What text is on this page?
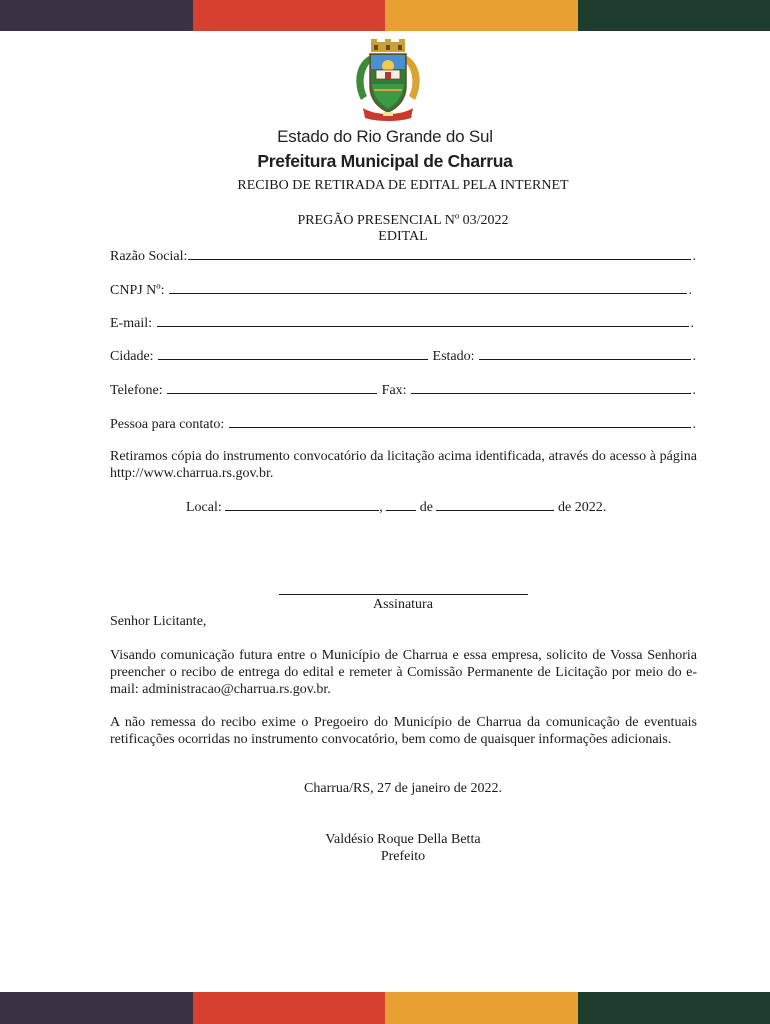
Estado do Rio Grande do Sul
Prefeitura Municipal de Charrua
RECIBO DE RETIRADA DE EDITAL PELA INTERNET
PREGÃO PRESENCIAL Nº 03/2022
EDITAL
Razão Social:	.
CNPJ Nº:	.
E-mail:	.
Cidade:	Estado:	.
Telefone:	Fax:	.
Pessoa para contato:	.
Retiramos cópia do instrumento convocatório da licitação acima identificada, através do acesso à página http://www.charrua.rs.gov.br.
Local:	, de	de 2022.
Assinatura
Senhor Licitante,
Visando comunicação futura entre o Município de Charrua e essa empresa, solicito de Vossa Senhoria preencher o recibo de entrega do edital e remeter à Comissão Permanente de Licitação por meio do e-mail: administracao@charrua.rs.gov.br.
A não remessa do recibo exime o Pregoeiro do Município de Charrua da comunicação de eventuais retificações ocorridas no instrumento convocatório, bem como de quaisquer informações adicionais.
Charrua/RS, 27 de janeiro de 2022.
Valdésio Roque Della Betta
Prefeito
